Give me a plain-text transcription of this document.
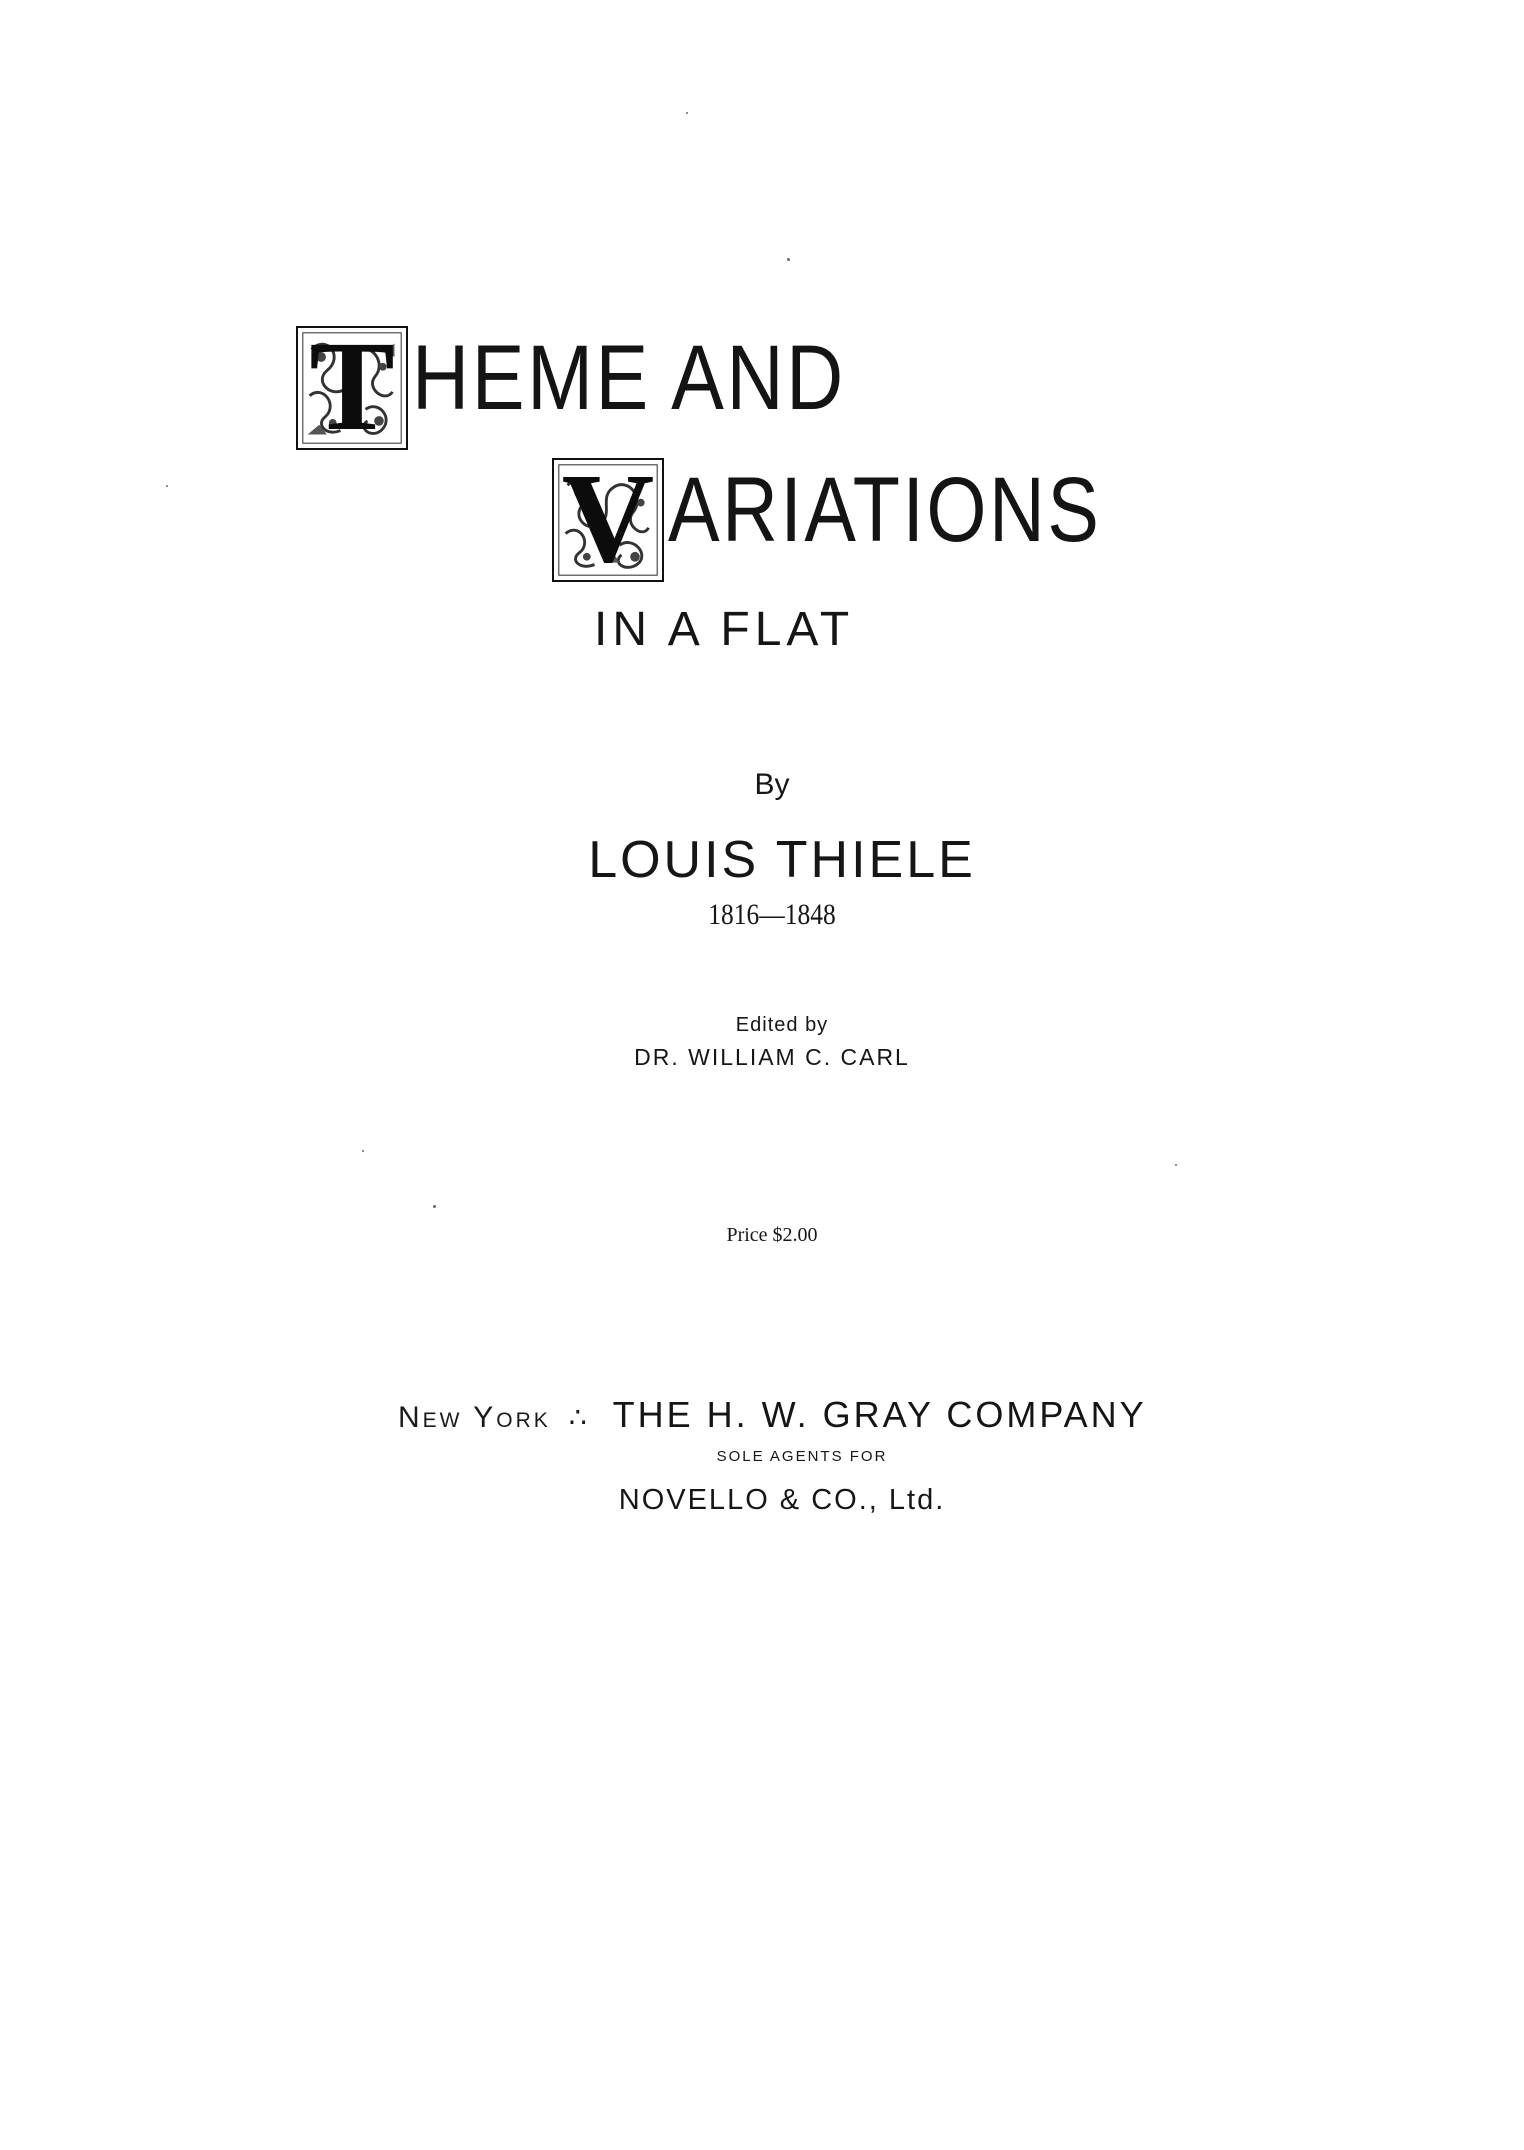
T HEME AND
V ARIATIONS
IN A FLAT
By
LOUIS THIELE
1816—1848
Edited by
DR. WILLIAM C. CARL
Price $2.00
New York ∴ THE H. W. GRAY COMPANY
SOLE AGENTS FOR
NOVELLO & CO., Ltd.
